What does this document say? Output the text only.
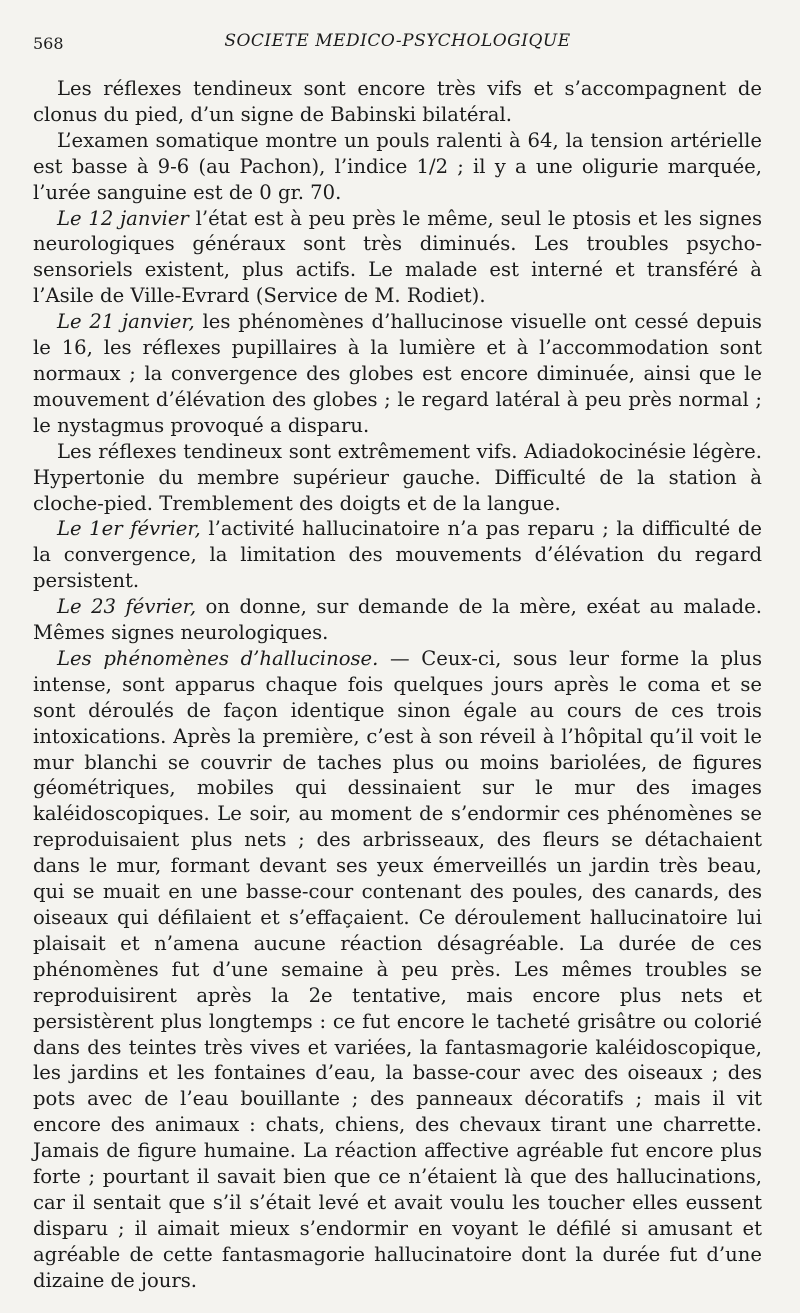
568	SOCIETE MEDICO-PSYCHOLOGIQUE

Les réflexes tendineux sont encore très vifs et s’accompagnent de clonus du pied, d’un signe de Babinski bilatéral.

L’examen somatique montre un pouls ralenti à 64, la tension artérielle est basse à 9-6 (au Pachon), l’indice 1/2 ; il y a une oligurie marquée, l’urée sanguine est de 0 gr. 70.

Le 12 janvier l’état est à peu près le même, seul le ptosis et les signes neurologiques généraux sont très diminués. Les troubles psycho-sensoriels existent, plus actifs. Le malade est interné et transféré à l’Asile de Ville-Evrard (Service de M. Rodiet).

Le 21 janvier, les phénomènes d’hallucinose visuelle ont cessé depuis le 16, les réflexes pupillaires à la lumière et à l’accommodation sont normaux ; la convergence des globes est encore diminuée, ainsi que le mouvement d’élévation des globes ; le regard latéral à peu près normal ; le nystagmus provoqué a disparu.

Les réflexes tendineux sont extrêmement vifs. Adiadokocinésie légère. Hypertonie du membre supérieur gauche. Difficulté de la station à cloche-pied. Tremblement des doigts et de la langue.

Le 1er février, l’activité hallucinatoire n’a pas reparu ; la difficulté de la convergence, la limitation des mouvements d’élévation du regard persistent.

Le 23 février, on donne, sur demande de la mère, exéat au malade. Mêmes signes neurologiques.

Les phénomènes d’hallucinose. — Ceux-ci, sous leur forme la plus intense, sont apparus chaque fois quelques jours après le coma et se sont déroulés de façon identique sinon égale au cours de ces trois intoxications. Après la première, c’est à son réveil à l’hôpital qu’il voit le mur blanchi se couvrir de taches plus ou moins bariolées, de figures géométriques, mobiles qui dessinaient sur le mur des images kaléidoscopiques. Le soir, au moment de s’endormir ces phénomènes se reproduisaient plus nets ; des arbrisseaux, des fleurs se détachaient dans le mur, formant devant ses yeux émerveillés un jardin très beau, qui se muait en une basse-cour contenant des poules, des canards, des oiseaux qui défilaient et s’effaçaient. Ce déroulement hallucinatoire lui plaisait et n’amena aucune réaction désagréable. La durée de ces phénomènes fut d’une semaine à peu près. Les mêmes troubles se reproduisirent après la 2e tentative, mais encore plus nets et persistèrent plus longtemps : ce fut encore le tacheté grisâtre ou colorié dans des teintes très vives et variées, la fantasmagorie kaléidoscopique, les jardins et les fontaines d’eau, la basse-cour avec des oiseaux ; des pots avec de l’eau bouillante ; des panneaux décoratifs ; mais il vit encore des animaux : chats, chiens, des chevaux tirant une charrette. Jamais de figure humaine. La réaction affective agréable fut encore plus forte ; pourtant il savait bien que ce n’étaient là que des hallucinations, car il sentait que s’il s’était levé et avait voulu les toucher elles eussent disparu ; il aimait mieux s’endormir en voyant le défilé si amusant et agréable de cette fantasmagorie hallucinatoire dont la durée fut d’une dizaine de jours.
